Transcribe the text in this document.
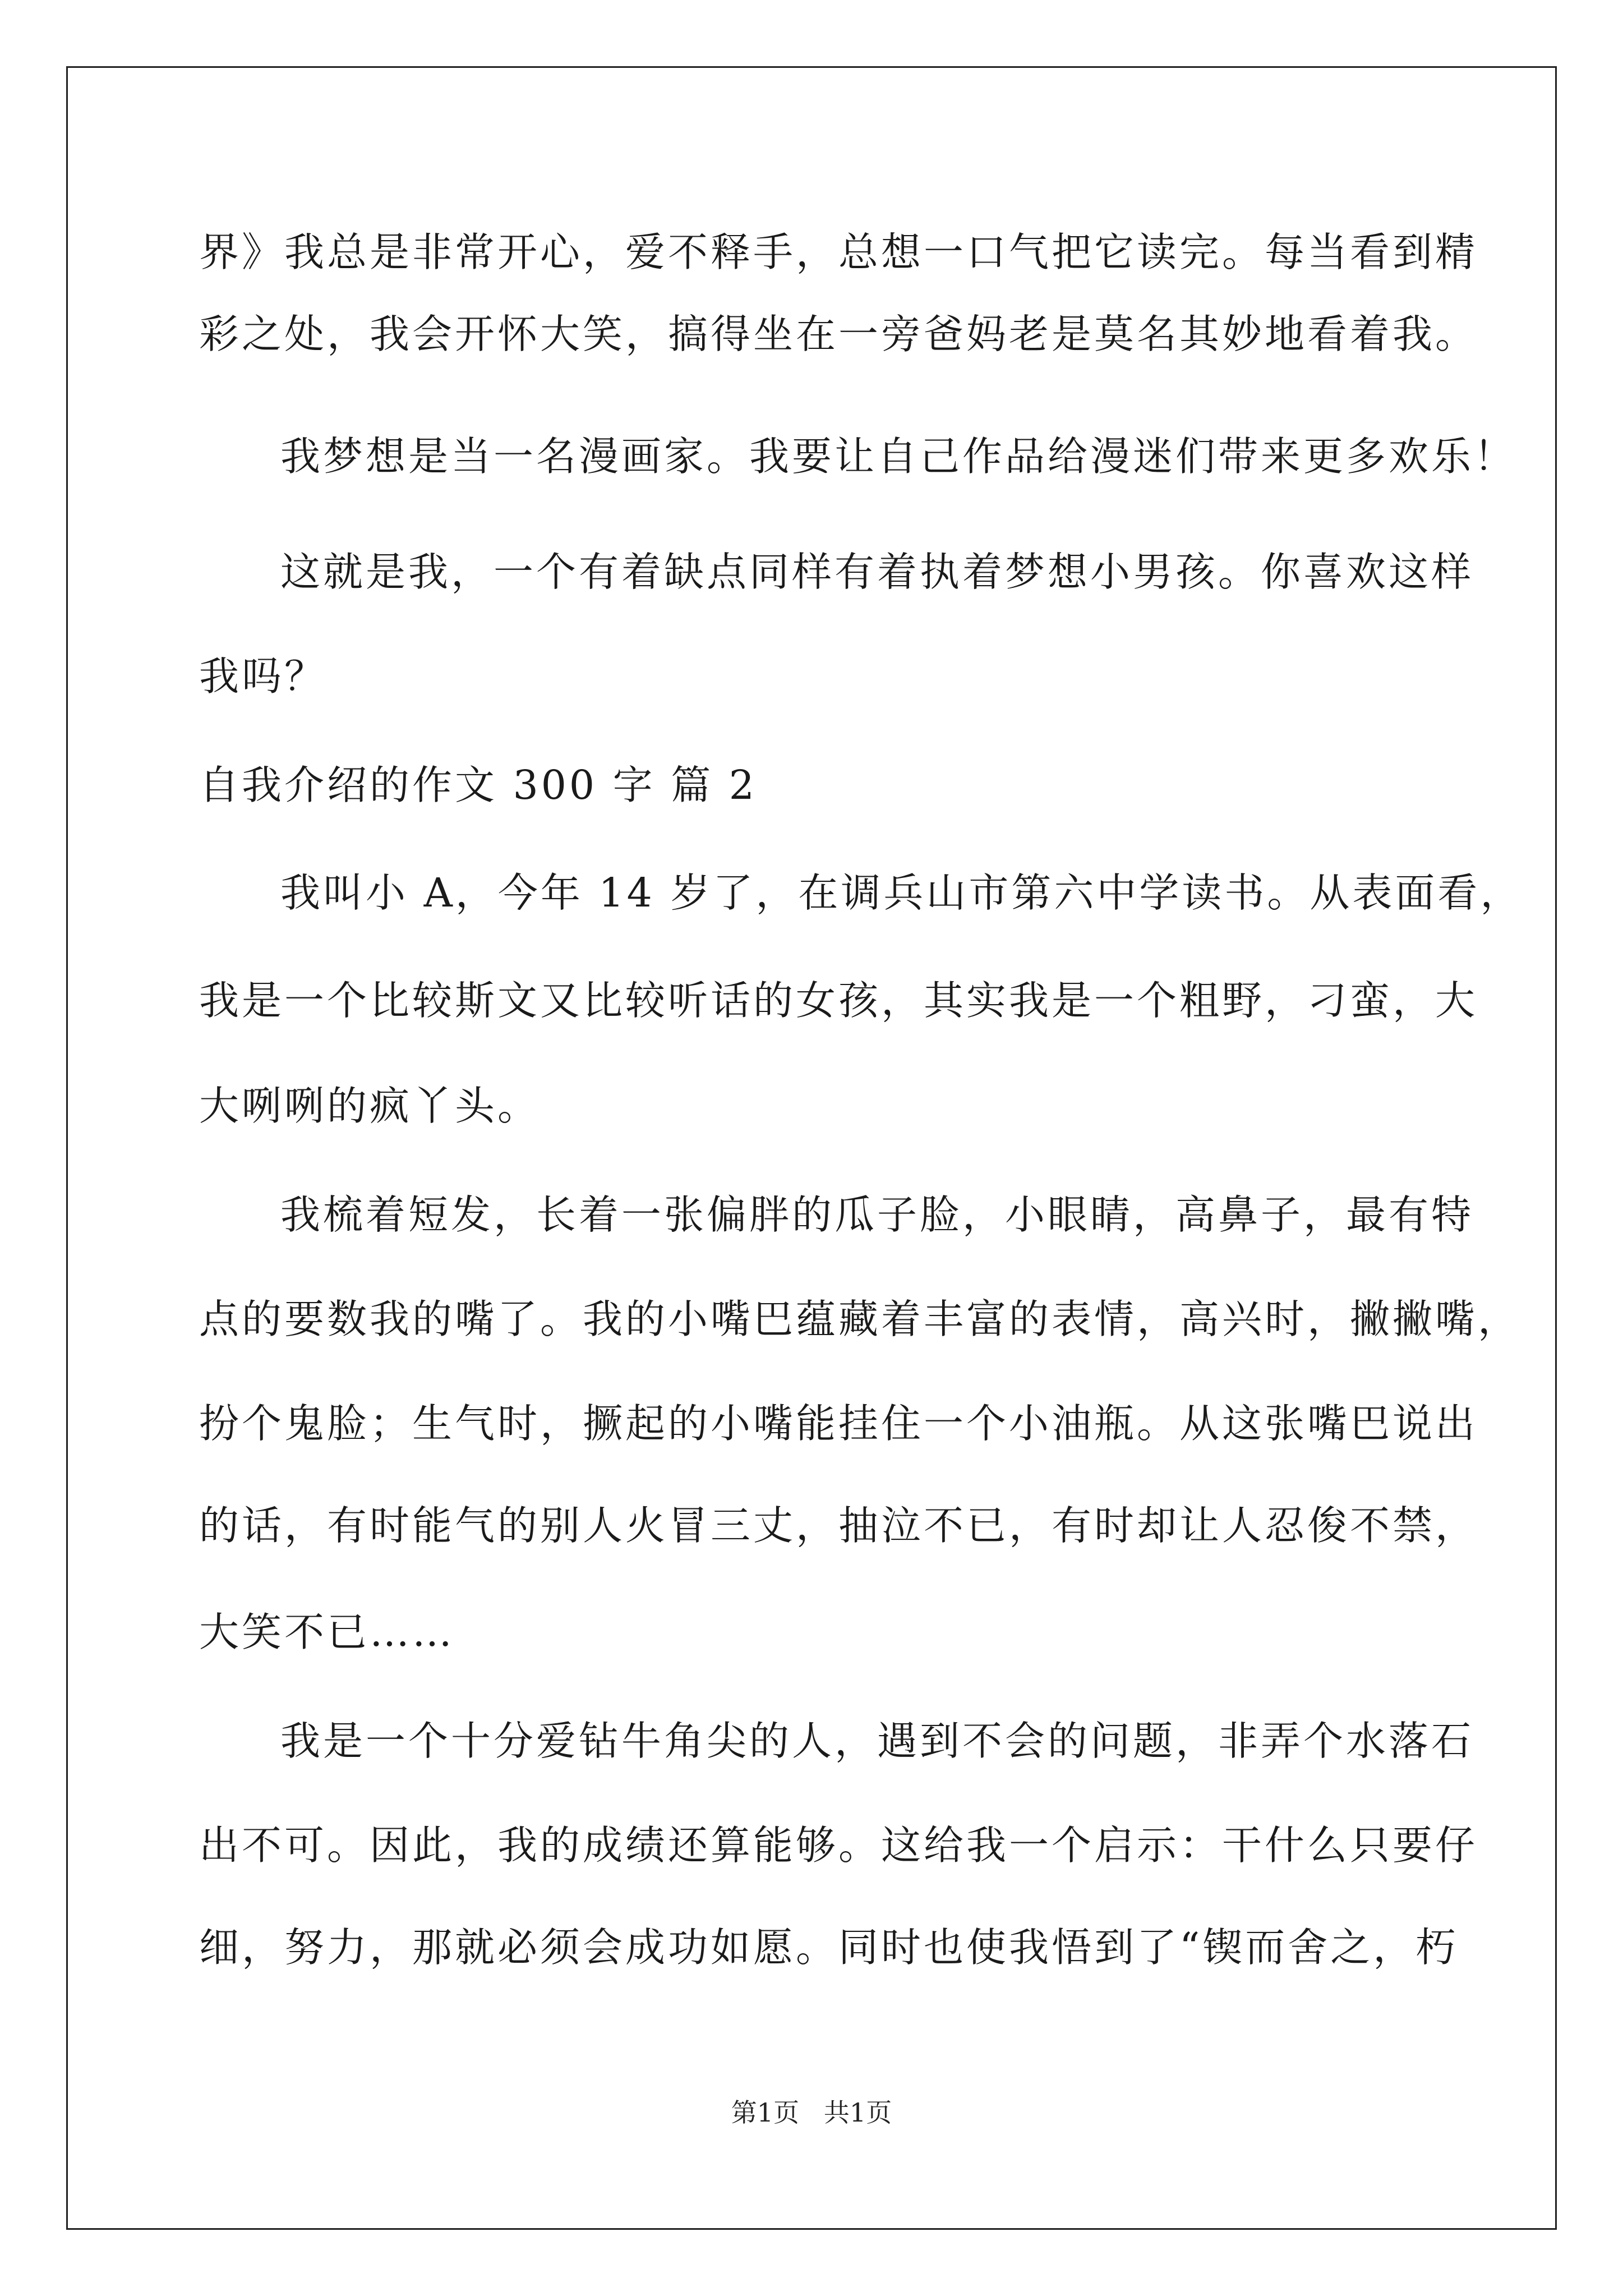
界》我总是非常开心，爱不释手，总想一口气把它读完。每当看到精
彩之处，我会开怀大笑，搞得坐在一旁爸妈老是莫名其妙地看着我。
我梦想是当一名漫画家。我要让自己作品给漫迷们带来更多欢乐！
这就是我，一个有着缺点同样有着执着梦想小男孩。你喜欢这样
我吗？
自我介绍的作文 300 字 篇 2
我叫小 A，今年 14 岁了，在调兵山市第六中学读书。从表面看，
我是一个比较斯文又比较听话的女孩，其实我是一个粗野，刁蛮，大
大咧咧的疯丫头。
我梳着短发，长着一张偏胖的瓜子脸，小眼睛，高鼻子，最有特
点的要数我的嘴了。我的小嘴巴蕴藏着丰富的表情，高兴时，撇撇嘴，
扮个鬼脸；生气时，撅起的小嘴能挂住一个小油瓶。从这张嘴巴说出
的话，有时能气的别人火冒三丈，抽泣不已，有时却让人忍俊不禁，
大笑不已……
我是一个十分爱钻牛角尖的人，遇到不会的问题，非弄个水落石
出不可。因此，我的成绩还算能够。这给我一个启示：干什么只要仔
细，努力，那就必须会成功如愿。同时也使我悟到了“锲而舍之，朽
第1页   共1页
